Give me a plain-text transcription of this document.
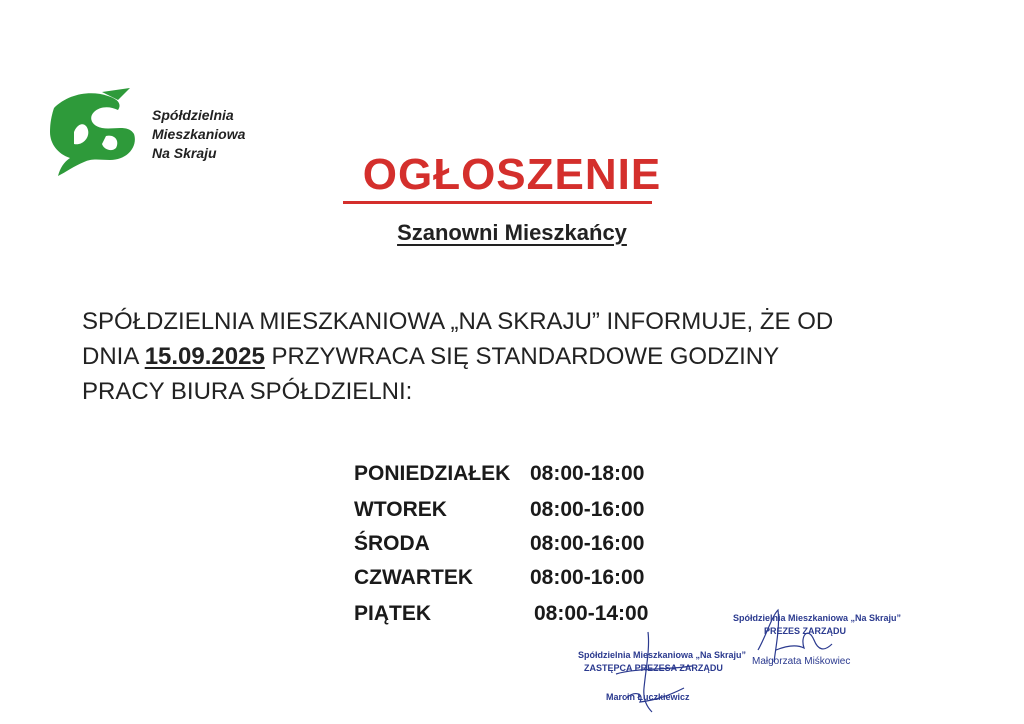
Spółdzielnia
Mieszkaniowa
Na Skraju	OGŁOSZENIE
Szanowni Mieszkańcy
SPÓŁDZIELNIA MIESZKANIOWA „NA SKRAJU” INFORMUJE, ŻE OD
DNIA 15.09.2025 PRZYWRACA SIĘ STANDARDOWE GODZINY
PRACY BIURA SPÓŁDZIELNI:
PONIEDZIAŁEK 08:00-18:00
WTOREK	08:00-16:00
ŚRODA	08:00-16:00
CZWARTEK	08:00-16:00
PIĄTEK	08:00-14:00
Spółdzielnia Mieszkaniowa „Na Skraju”
ZASTĘPCA PREZESA ZARZĄDU
Marcin Łuczkiewicz
Spółdzielnia Mieszkaniowa „Na Skraju”
PREZES ZARZĄDU
Małgorzata Miśkowiec
